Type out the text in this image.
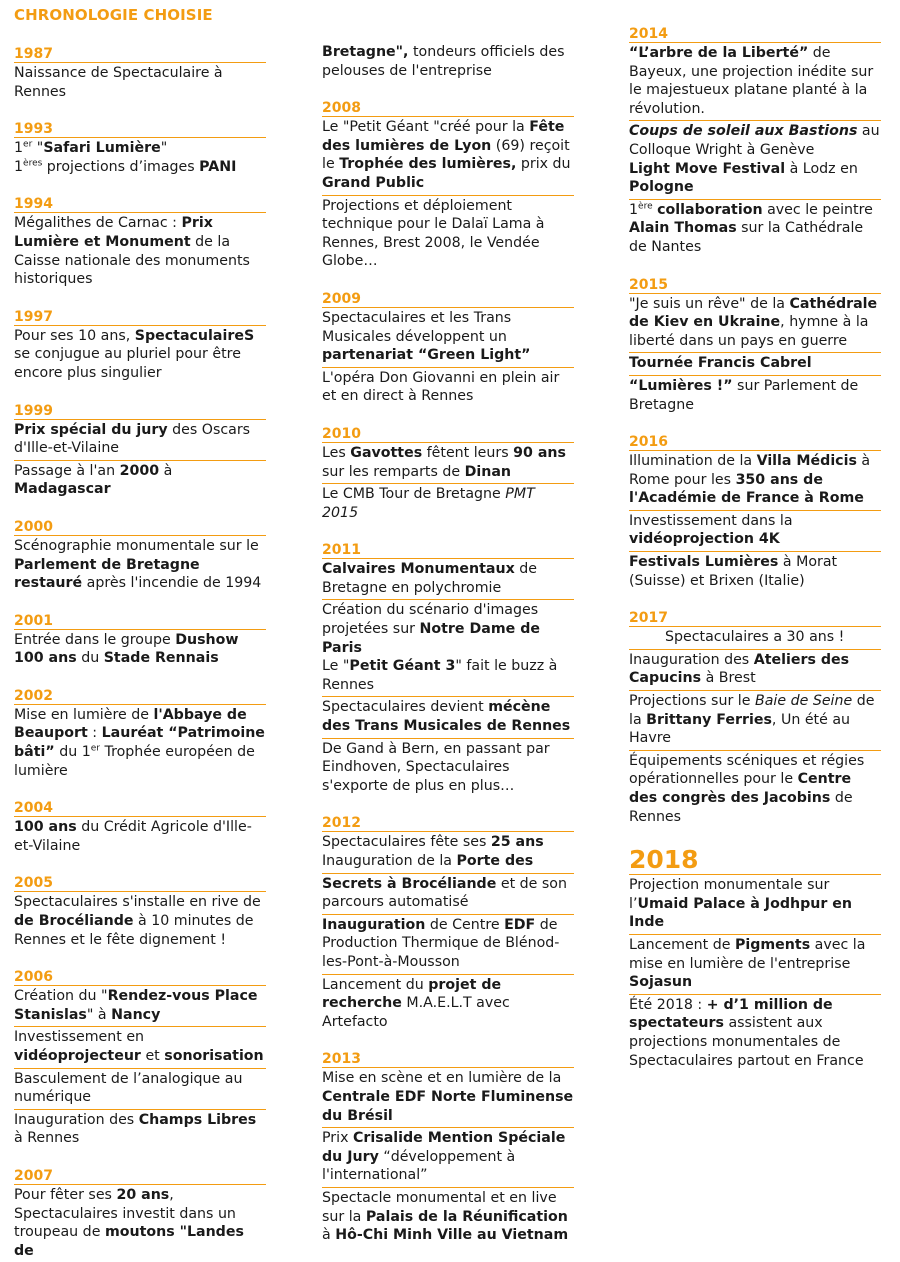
CHRONOLOGIE CHOISIE
1987
Naissance de Spectaculaire à Rennes
1993
1er "Safari Lumière"
1ères projections d’images PANI
1994
Mégalithes de Carnac : Prix Lumière et Monument de la Caisse nationale des monuments historiques
1997
Pour ses 10 ans, SpectaculaireS se conjugue au pluriel pour être encore plus singulier
1999
Prix spécial du jury des Oscars d'Ille-et-Vilaine
Passage à l'an 2000 à Madagascar
2000
Scénographie monumentale sur le Parlement de Bretagne restauré après l'incendie de 1994
2001
Entrée dans le groupe Dushow
100 ans du Stade Rennais
2002
Mise en lumière de l'Abbaye de Beauport : Lauréat “Patrimoine bâti” du 1er Trophée européen de lumière
2004
100 ans du Crédit Agricole d'Ille-et-Vilaine
2005
Spectaculaires s'installe en rive de de Brocéliande à 10 minutes de Rennes et le fête dignement !
2006
Création du "Rendez-vous Place Stanislas" à Nancy
Investissement en vidéoprojecteur et sonorisation
Basculement de l’analogique au numérique
Inauguration des Champs Libres à Rennes
2007
Pour fêter ses 20 ans, Spectaculaires investit dans un troupeau de moutons "Landes de
Bretagne", tondeurs officiels des pelouses de l'entreprise
2008
Le "Petit Géant "créé pour la Fête des lumières de Lyon (69) reçoit le Trophée des lumières, prix du Grand Public
Projections et déploiement technique pour le Dalaï Lama à Rennes, Brest 2008, le Vendée Globe…
2009
Spectaculaires et les Trans Musicales développent un partenariat “Green Light”
L'opéra Don Giovanni en plein air et en direct à Rennes
2010
Les Gavottes fêtent leurs 90 ans sur les remparts de Dinan
Le CMB Tour de Bretagne PMT 2015
2011
Calvaires Monumentaux de Bretagne en polychromie
Création du scénario d'images projetées sur Notre Dame de Paris
Le "Petit Géant 3" fait le buzz à Rennes
Spectaculaires devient mécène des Trans Musicales de Rennes
De Gand à Bern, en passant par Eindhoven, Spectaculaires s'exporte de plus en plus…
2012
Spectaculaires fête ses 25 ans
Inauguration de la Porte des
Secrets à Brocéliande et de son parcours automatisé
Inauguration de Centre EDF de Production Thermique de Blénod-les-Pont-à-Mousson
Lancement du projet de recherche M.A.E.L.T avec Artefacto
2013
Mise en scène et en lumière de la Centrale EDF Norte Fluminense du Brésil
Prix Crisalide Mention Spéciale du Jury “développement à l'international”
Spectacle monumental et en live sur la Palais de la Réunification à Hô-Chi Minh Ville au Vietnam
2014
“L’arbre de la Liberté” de Bayeux, une projection inédite sur le majestueux platane planté à la révolution.
Coups de soleil aux Bastions au Colloque Wright à Genève
Light Move Festival à Lodz en Pologne
1ère collaboration avec le peintre Alain Thomas sur la Cathédrale de Nantes
2015
"Je suis un rêve" de la Cathédrale de Kiev en Ukraine, hymne à la liberté dans un pays en guerre
Tournée Francis Cabrel
“Lumières !” sur Parlement de Bretagne
2016
Illumination de la Villa Médicis à Rome pour les 350 ans de l'Académie de France à Rome
Investissement dans la vidéoprojection 4K
Festivals Lumières à Morat (Suisse) et Brixen (Italie)
2017
Spectaculaires a 30 ans !
Inauguration des Ateliers des Capucins à Brest
Projections sur le Baie de Seine de la Brittany Ferries, Un été au Havre
Équipements scéniques et régies opérationnelles pour le Centre des congrès des Jacobins de Rennes
2018
Projection monumentale sur l’Umaid Palace à Jodhpur en Inde
Lancement de Pigments avec la mise en lumière de l'entreprise Sojasun
Été 2018 : + d’1 million de spectateurs assistent aux projections monumentales de Spectaculaires partout en France
